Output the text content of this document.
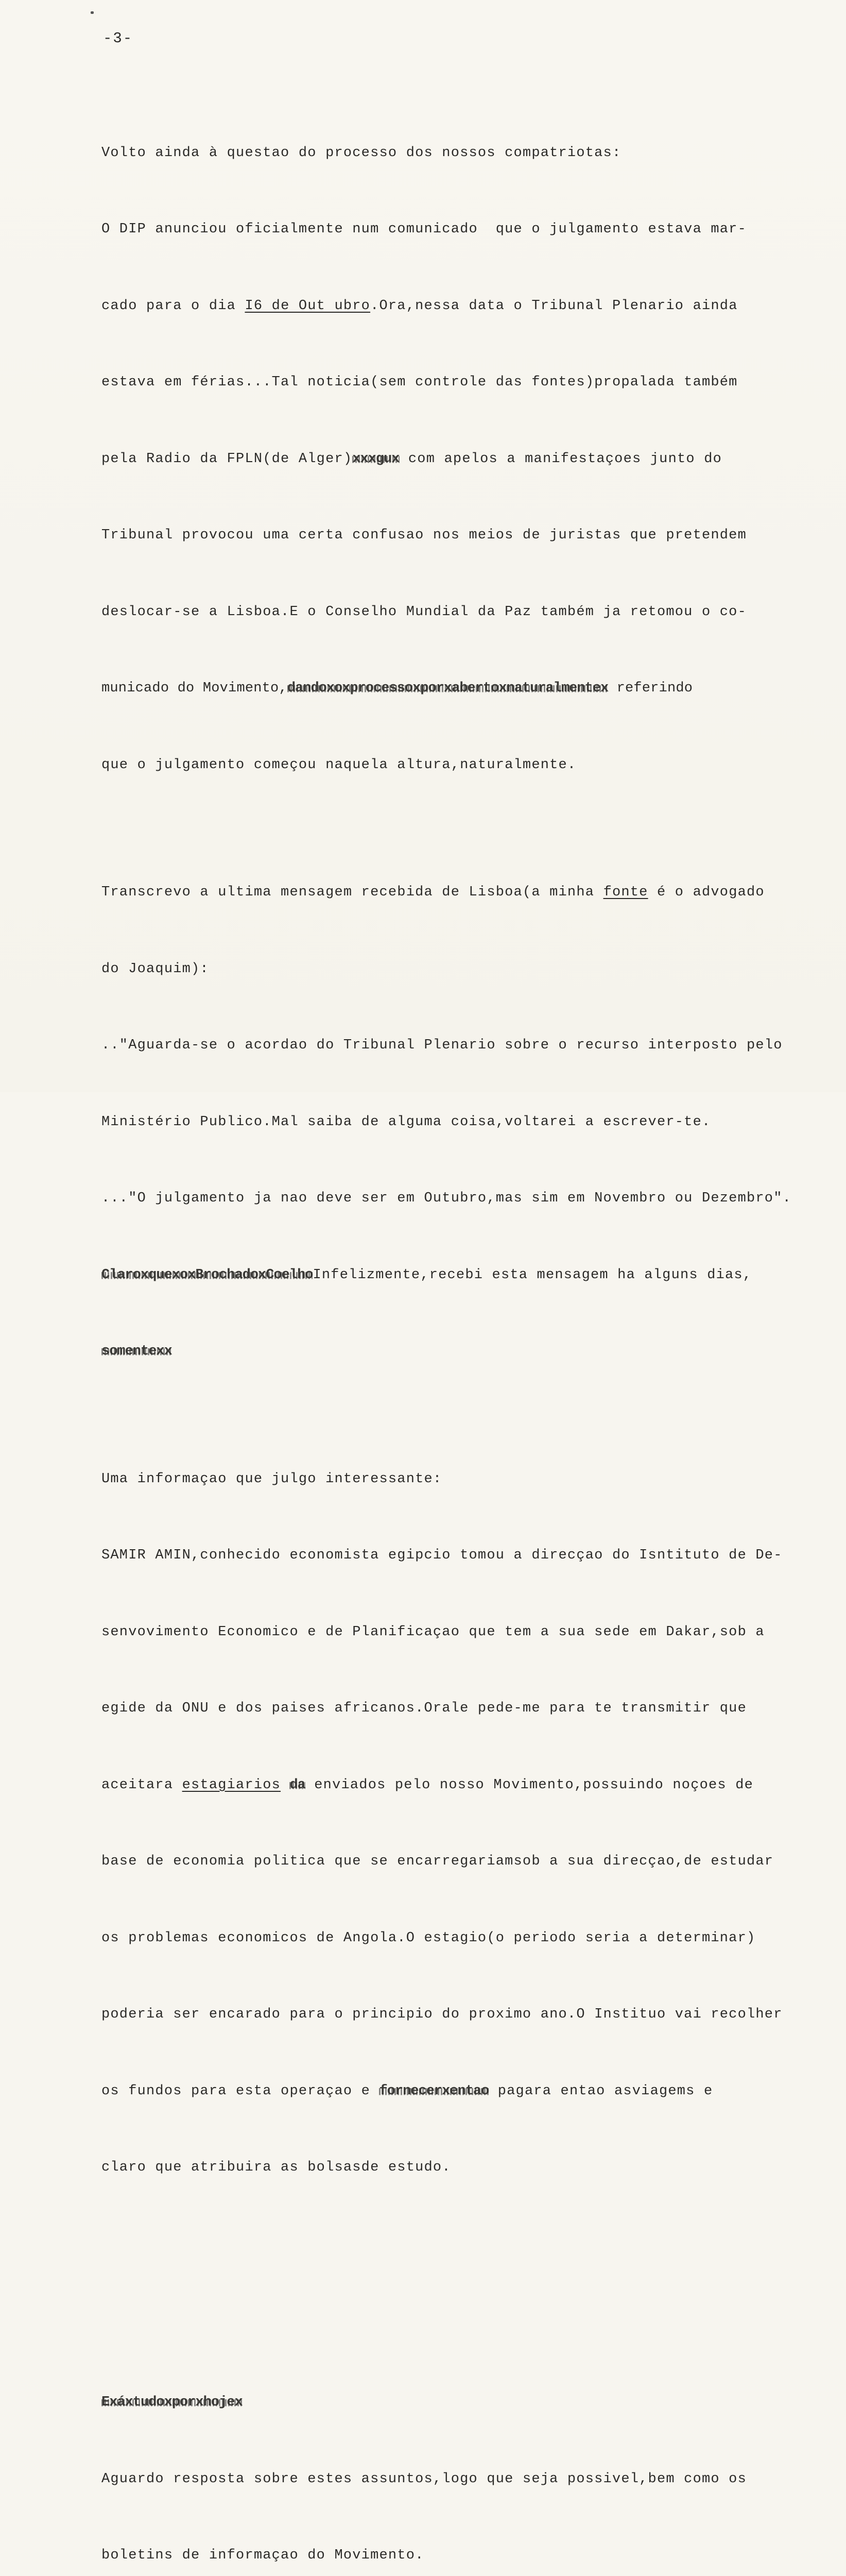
-3-

Volto ainda à questao do processo dos nossos compatriotas:

O DIP anunciou oficialmente num comunicado  que o julgamento estava mar-

cado para o dia I6 de Out ubro.Ora,nessa data o Tribunal Plenario ainda

estava em férias...Tal noticia(sem controle das fontes)propalada também

pela Radio da FPLN(de Alger)xxxgux com apelos a manifestaçoes junto do

Tribunal provocou uma certa confusao nos meios de juristas que pretendem

deslocar-se a Lisboa.E o Conselho Mundial da Paz também ja retomou o co-

municado do Movimento,dandoxoxprocessoxporxabertoxnaturalmentex referindo

que o julgamento começou naquela altura,naturalmente.

Transcrevo a ultima mensagem recebida de Lisboa(a minha fonte é o advogado

do Joaquim):

.."Aguarda-se o acordao do Tribunal Plenario sobre o recurso interposto pelo

Ministério Publico.Mal saiba de alguma coisa,voltarei a escrever-te.

..."O julgamento ja nao deve ser em Outubro,mas sim em Novembro ou Dezembro".

ClaroxquexoxBrochadoxCoelhoInfelizmente,recebi esta mensagem ha alguns dias,

somentexx

Uma informaçao que julgo interessante:

SAMIR AMIN,conhecido economista egipcio tomou a direcçao do Isntituto de De-

senvovimento Economico e de Planificaçao que tem a sua sede em Dakar,sob a

egide da ONU e dos paises africanos.Orale pede-me para te transmitir que

aceitara estagiarios da enviados pelo nosso Movimento,possuindo noçoes de

base de economia politica que se encarregariamsob a sua direcçao,de estudar

os problemas economicos de Angola.O estagio(o periodo seria a determinar)

poderia ser encarado para o principio do proximo ano.O Instituo vai recolher

os fundos para esta operaçao e fornecerxentao pagara entao asviagems e

claro que atribuira as bolsasde estudo.

Exáxtudoxporxhojex

Aguardo resposta sobre estes assuntos,logo que seja possivel,bem como os

boletins de informaçao do Movimento.
